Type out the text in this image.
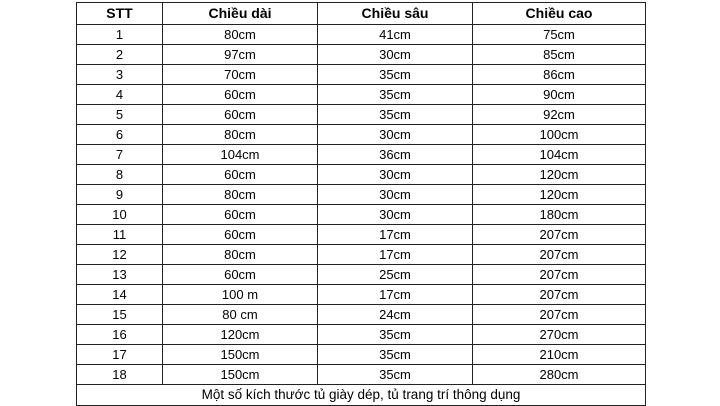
STT	Chiều dài	Chiều sâu	Chiều cao
1	80cm	41cm	75cm
2	97cm	30cm	85cm
3	70cm	35cm	86cm
4	60cm	35cm	90cm
5	60cm	35cm	92cm
6	80cm	30cm	100cm
7	104cm	36cm	104cm
8	60cm	30cm	120cm
9	80cm	30cm	120cm
10	60cm	30cm	180cm
11	60cm	17cm	207cm
12	80cm	17cm	207cm
13	60cm	25cm	207cm
14	100 m	17cm	207cm
15	80 cm	24cm	207cm
16	120cm	35cm	270cm
17	150cm	35cm	210cm
18	150cm	35cm	280cm
Một số kích thước tủ giày dép, tủ trang trí thông dụng			
